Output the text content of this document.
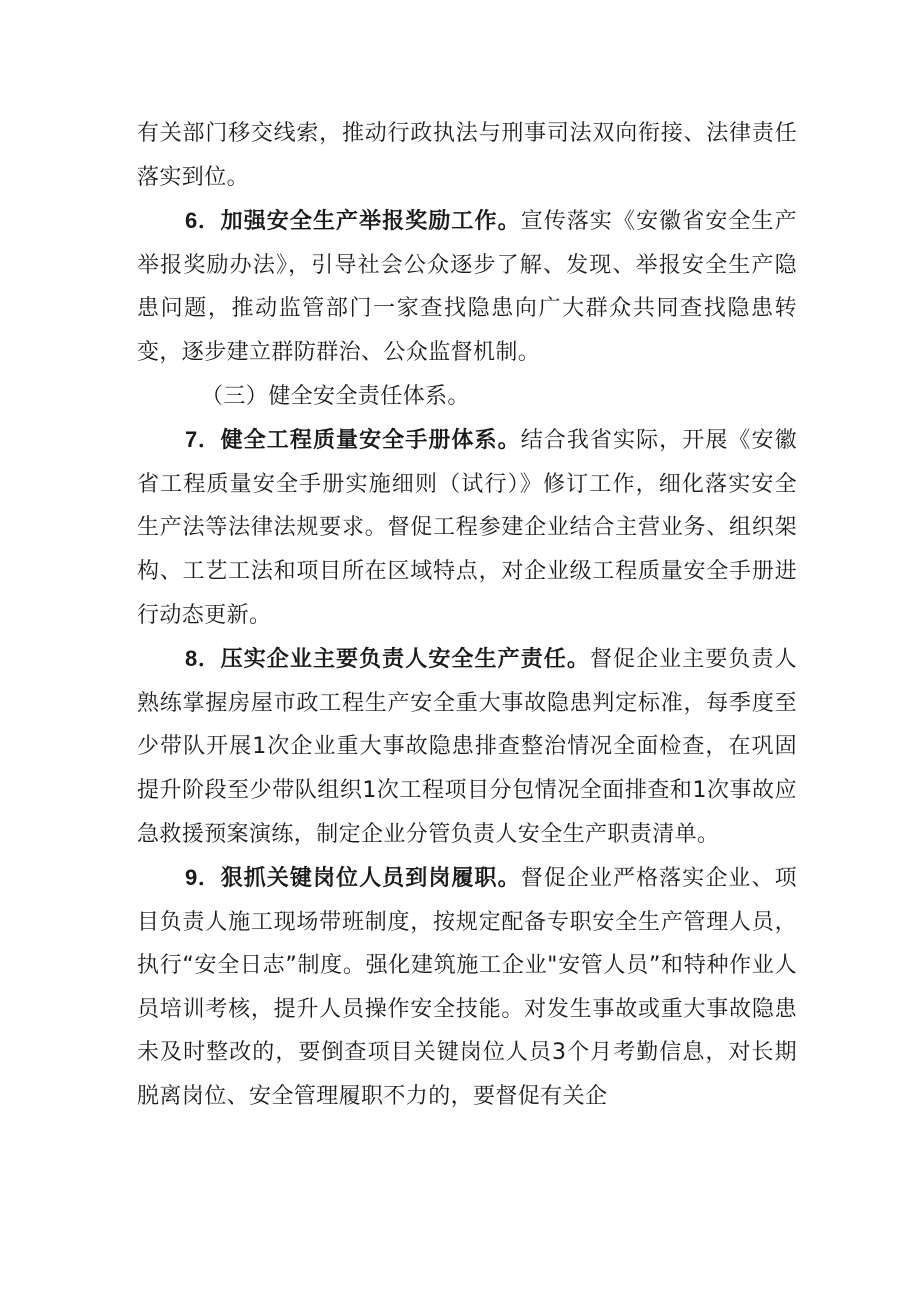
有关部门移交线索，推动行政执法与刑事司法双向衔接、法律责任落实到位。

6．加强安全生产举报奖励工作。宣传落实《安徽省安全生产举报奖励办法》，引导社会公众逐步了解、发现、举报安全生产隐患问题，推动监管部门一家查找隐患向广大群众共同查找隐患转变，逐步建立群防群治、公众监督机制。

（三）健全安全责任体系。

7．健全工程质量安全手册体系。结合我省实际，开展《安徽省工程质量安全手册实施细则（试行）》修订工作，细化落实安全生产法等法律法规要求。督促工程参建企业结合主营业务、组织架构、工艺工法和项目所在区域特点，对企业级工程质量安全手册进行动态更新。

8．压实企业主要负责人安全生产责任。督促企业主要负责人熟练掌握房屋市政工程生产安全重大事故隐患判定标准，每季度至少带队开展1次企业重大事故隐患排查整治情况全面检查，在巩固提升阶段至少带队组织1次工程项目分包情况全面排查和1次事故应急救援预案演练，制定企业分管负责人安全生产职责清单。

9．狠抓关键岗位人员到岗履职。督促企业严格落实企业、项目负责人施工现场带班制度，按规定配备专职安全生产管理人员，执行“安全日志”制度。强化建筑施工企业"安管人员”和特种作业人员培训考核，提升人员操作安全技能。对发生事故或重大事故隐患未及时整改的，要倒查项目关键岗位人员3个月考勤信息，对长期脱离岗位、安全管理履职不力的，要督促有关企
